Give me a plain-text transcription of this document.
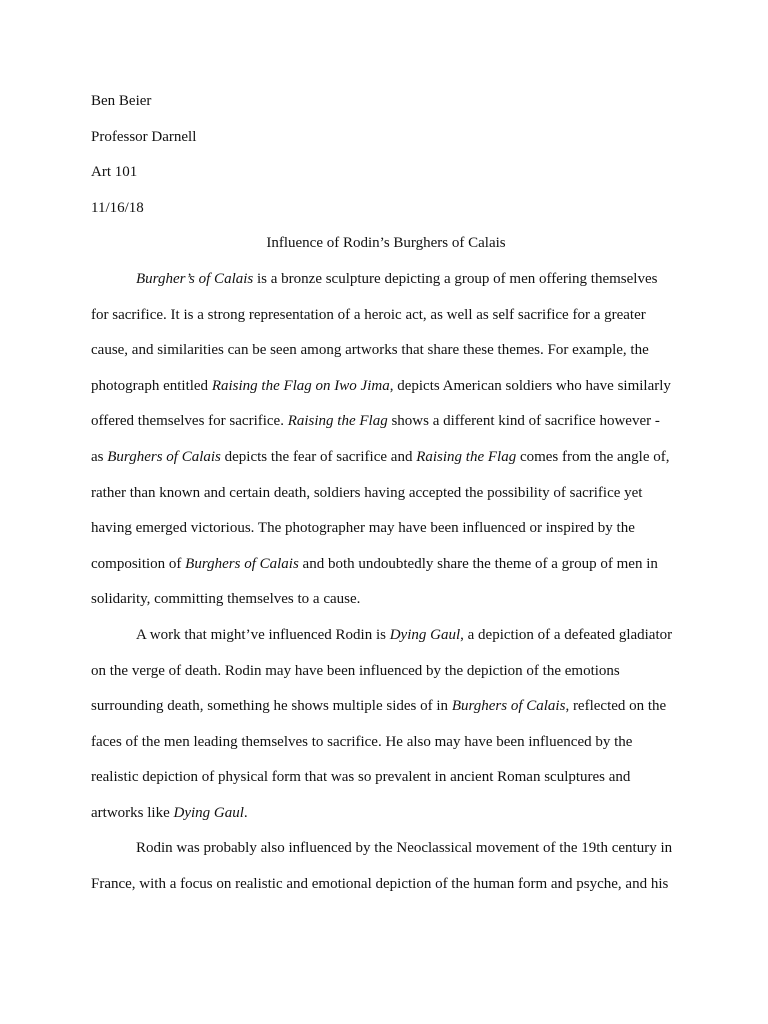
Ben Beier
Professor Darnell
Art 101
11/16/18
Influence of Rodin’s Burghers of Calais
Burgher’s of Calais is a bronze sculpture depicting a group of men offering themselves
for sacrifice. It is a strong representation of a heroic act, as well as self sacrifice for a greater
cause, and similarities can be seen among artworks that share these themes. For example, the
photograph entitled Raising the Flag on Iwo Jima, depicts American soldiers who have similarly
offered themselves for sacrifice. Raising the Flag shows a different kind of sacrifice however -
as Burghers of Calais depicts the fear of sacrifice and Raising the Flag comes from the angle of,
rather than known and certain death, soldiers having accepted the possibility of sacrifice yet
having emerged victorious. The photographer may have been influenced or inspired by the
composition of Burghers of Calais and both undoubtedly share the theme of a group of men in
solidarity, committing themselves to a cause.
A work that might’ve influenced Rodin is Dying Gaul, a depiction of a defeated gladiator
on the verge of death. Rodin may have been influenced by the depiction of the emotions
surrounding death, something he shows multiple sides of in Burghers of Calais, reflected on the
faces of the men leading themselves to sacrifice. He also may have been influenced by the
realistic depiction of physical form that was so prevalent in ancient Roman sculptures and
artworks like Dying Gaul.
Rodin was probably also influenced by the Neoclassical movement of the 19th century in
France, with a focus on realistic and emotional depiction of the human form and psyche, and his
